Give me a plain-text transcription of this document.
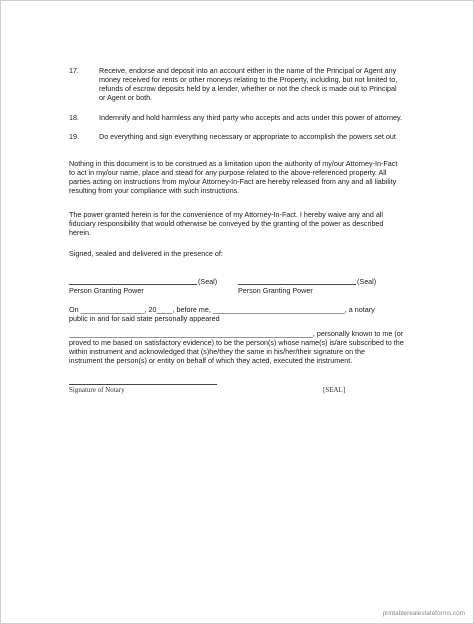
17.	Receive, endorse and deposit into an account either in the name of the Principal or Agent any
money received for rents or other moneys relating to the Property, including, but not limited to,
refunds of escrow deposits held by a lender, whether or not the check is made out to Principal
or Agent or both.
18.	Indemnify and hold harmless any third party who accepts and acts under this power of attorney.
19.	Do everything and sign everything necessary or appropriate to accomplish the powers set out
Nothing in this document is to be construed as a limitation upon the authority of my/our Attorney-In-Fact
to act in my/our name, place and stead for any purpose related to the above-referenced property. All
parties acting on instructions from my/our Attorney-In-Fact are hereby released from any and all liability
resulting from your compliance with such instructions.
The power granted herein is for the convenience of my Attorney-In-Fact. I hereby waive any and all
fiduciary responsibility that would otherwise be conveyed by the granting of the power as described
herein.
Signed, sealed and delivered in the presence of:
(Seal)
Person Granting Power
(Seal)
Person Granting Power
On ________________, 20____, before me, _________________________________, a notary
public in and for said state personally appeared
_____________________________________________________________, personally known to me (or
proved to me based on satisfactory evidence) to be the person(s) whose name(s) is/are subscribed to the
within instrument and acknowledged that (s)he/they the same in his/her/their signature on the
instrument the person(s) or entity on behalf of which they acted, executed the instrument.
Signature of Notary	[SEAL]
printablerealestateforms.com
